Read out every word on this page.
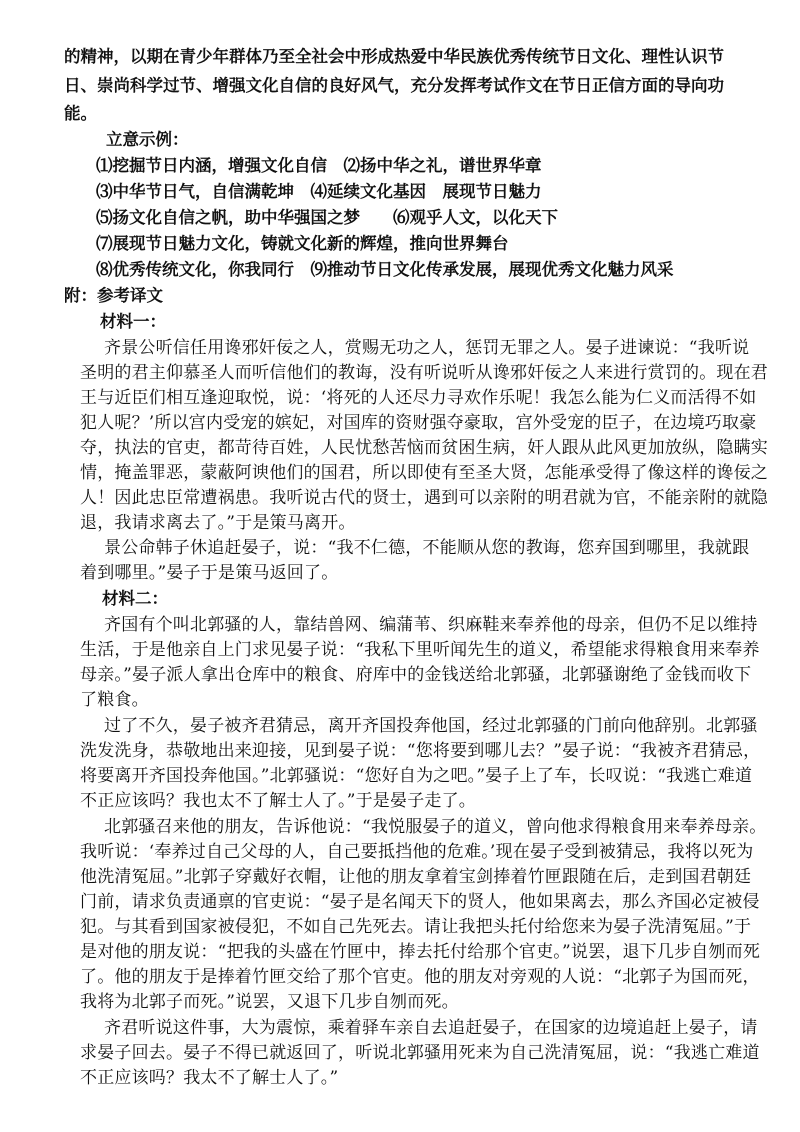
的精神，以期在青少年群体乃至全社会中形成热爱中华民族优秀传统节日文化、理性认识节
日、崇尚科学过节、增强文化自信的良好风气，充分发挥考试作文在节日正信方面的导向功
能。
立意示例：
⑴挖掘节日内涵，增强文化自信　⑵扬中华之礼，谱世界华章
⑶中华节日气，自信满乾坤　⑷延续文化基因　展现节日魅力
⑸扬文化自信之帆，助中华强国之梦　　⑹观乎人文，以化天下
⑺展现节日魅力文化，铸就文化新的辉煌，推向世界舞台
⑻优秀传统文化，你我同行　⑼推动节日文化传承发展，展现优秀文化魅力风采
附：参考译文
材料一：
齐景公听信任用谗邪奸佞之人，赏赐无功之人，惩罚无罪之人。晏子进谏说：“我听说
圣明的君主仰慕圣人而听信他们的教诲，没有听说听从谗邪奸佞之人来进行赏罚的。现在君
王与近臣们相互逢迎取悦，说：‘将死的人还尽力寻欢作乐呢！我怎么能为仁义而活得不如
犯人呢？’所以宫内受宠的嫔妃，对国库的资财强夺豪取，宫外受宠的臣子，在边境巧取豪
夺，执法的官吏，都苛待百姓，人民忧愁苦恼而贫困生病，奸人跟从此风更加放纵，隐瞒实
情，掩盖罪恶，蒙蔽阿谀他们的国君，所以即使有至圣大贤，怎能承受得了像这样的谗佞之
人！因此忠臣常遭祸患。我听说古代的贤士，遇到可以亲附的明君就为官，不能亲附的就隐
退，我请求离去了。”于是策马离开。
景公命韩子休追赶晏子，说：“我不仁德，不能顺从您的教诲，您弃国到哪里，我就跟
着到哪里。”晏子于是策马返回了。
材料二：
齐国有个叫北郭骚的人，靠结兽网、编蒲苇、织麻鞋来奉养他的母亲，但仍不足以维持
生活，于是他亲自上门求见晏子说：“我私下里听闻先生的道义，希望能求得粮食用来奉养
母亲。”晏子派人拿出仓库中的粮食、府库中的金钱送给北郭骚，北郭骚谢绝了金钱而收下
了粮食。
过了不久，晏子被齐君猜忌，离开齐国投奔他国，经过北郭骚的门前向他辞别。北郭骚
洗发洗身，恭敬地出来迎接，见到晏子说：“您将要到哪儿去？”晏子说：“我被齐君猜忌，
将要离开齐国投奔他国。”北郭骚说：“您好自为之吧。”晏子上了车，长叹说：“我逃亡难道
不正应该吗？我也太不了解士人了。”于是晏子走了。
北郭骚召来他的朋友，告诉他说：“我悦服晏子的道义，曾向他求得粮食用来奉养母亲。
我听说：‘奉养过自己父母的人，自己要抵挡他的危难。’现在晏子受到被猜忌，我将以死为
他洗清冤屈。”北郭子穿戴好衣帽，让他的朋友拿着宝剑捧着竹匣跟随在后，走到国君朝廷
门前，请求负责通禀的官吏说：“晏子是名闻天下的贤人，他如果离去，那么齐国必定被侵
犯。与其看到国家被侵犯，不如自己先死去。请让我把头托付给您来为晏子洗清冤屈。”于
是对他的朋友说：“把我的头盛在竹匣中，捧去托付给那个官吏。”说罢，退下几步自刎而死
了。他的朋友于是捧着竹匣交给了那个官吏。他的朋友对旁观的人说：“北郭子为国而死，
我将为北郭子而死。”说罢，又退下几步自刎而死。
齐君听说这件事，大为震惊，乘着驿车亲自去追赶晏子，在国家的边境追赶上晏子，请
求晏子回去。晏子不得已就返回了，听说北郭骚用死来为自己洗清冤屈，说：“我逃亡难道
不正应该吗？我太不了解士人了。”
